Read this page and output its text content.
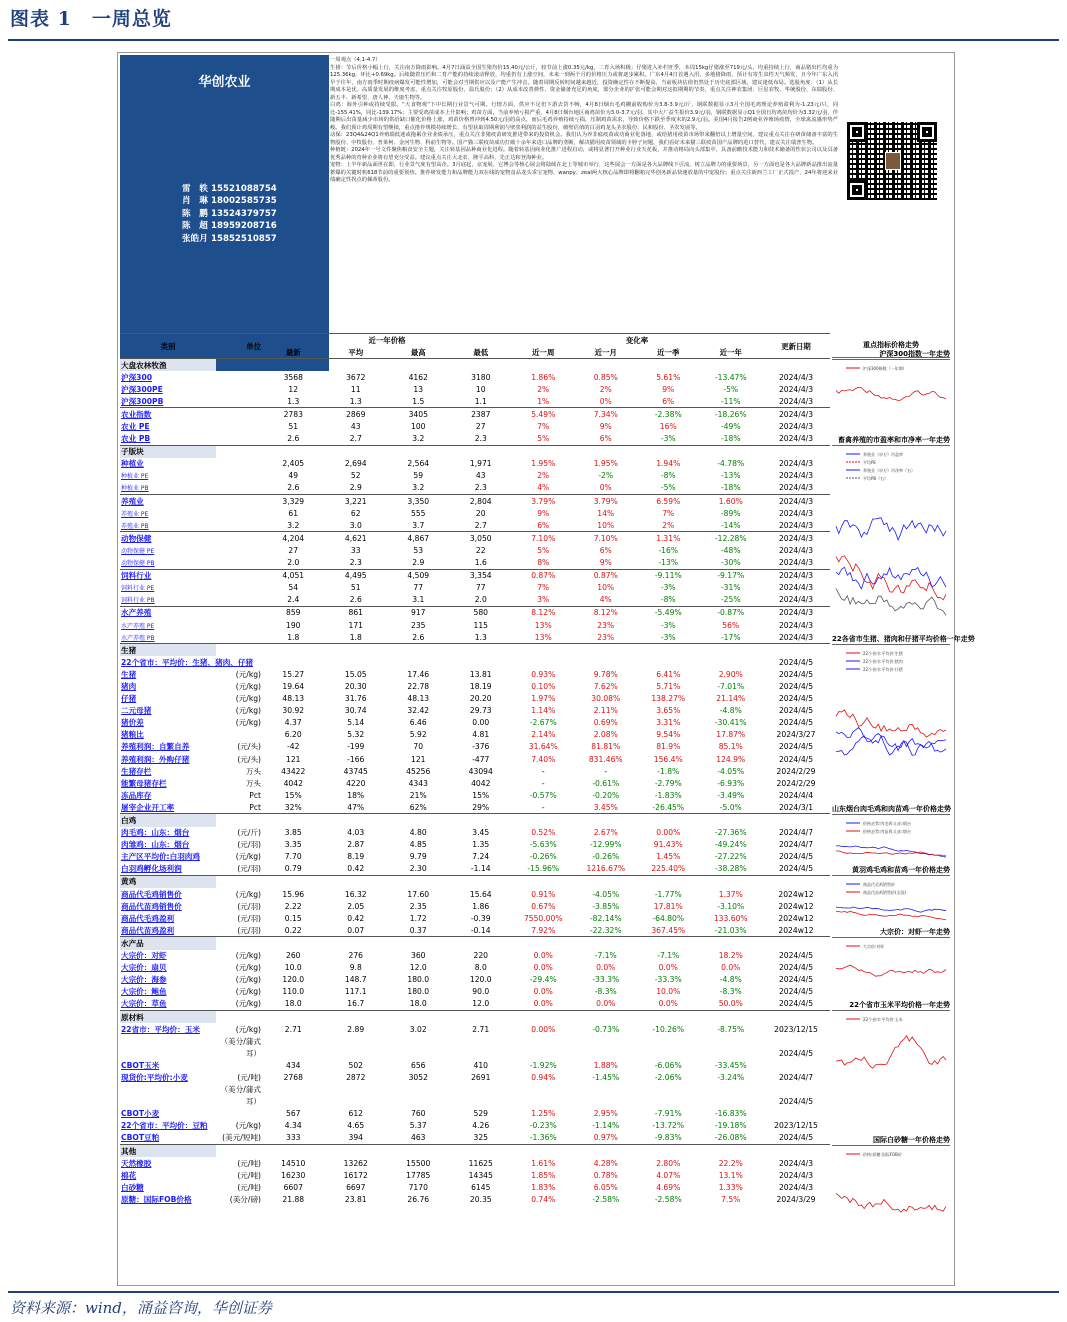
图表 1　一周总览
华创农业
雷　轶 15521088754
肖　琳 18002585735
陈　鹏 13524379757
陈　超 18959208716
张皓月 15852510857

一周观点（4.1-4.7）

生猪：节后价格小幅上行，关注南方降雨影响。4月7日涌益全国生猪均价15.40元/公斤，较节前上涨0.35元/kg，二育入场积极；仔猪进入补栏旺季，本周15kg仔猪涨至719元/头，均重持续上行，商品猪出栏均重为125.36kg，环比+0.69kg。后续随着压栏和二育产能的持续滚动释放，均重仍有上涨空间，未来一到两个月的价格压力或将逐步累积。广东4月4日首遇入汛，多地猪降雨，预计有寄生虫性天气频发，且今年广东入汛早于往年，南方雨季时期疫病爆发可能性增加，可能会对当期供应以及产能产生冲击。随着周期反转时间越来越近，投资确定性在不断提高，当前板块估值仍然处于历史底部区域，建议逢低布局。选股角度：（1）从长期成本是优、高质量发展的维度考虑，重点关注牧原股份、温氏股份；（2）从成本改善弹性、资金储备充足的角度，部分企业的扩张可能会期对这拟期期的节奏，重点关注神农集团、巨星农牧、华统股份、东瑞股份、新五丰、新希望、唐人神、天康生物等。

白鸡：海外引种或持续受限。“大食物观”下中长期行业景气可期。行情方面，供应不足但下游去货不畅，4月8日烟台毛鸡棚前收购价为3.8-3.9元/斤，钢联数据显示3月全国毛鸡理论养殖盈利为-1.23元/只，同比-155.41%，同比-139.17%；主要受鸡苗成本上升影响；鸡苗方面，当前养殖亏损严重，4月8日烟台地区商鸡苗价为3.0-3.7元/羽，其中大厂益生报价3.9元/羽，钢联数据显示Q1全国日均鸡苗均价为3.32元/羽，伴随期后出苗量减少市场的供给缺口催化价格上涨，鸡苗价格曾冲到4.50元/羽的高点，而后毛鸡养殖持续亏损，压制鸡苗需求，导致价格下跌至季度末的2.9元/羽。美国4月报告2例商业养殖场疫情，全球禽流感形势严峻。我们预计鸡周期有望继续，重点推荐规模持续增长、有望获取周期利润与壁垒利润的益生股份，破壁估值的白羽鸡龙头圣农股份、民和股份、圣农发展等。

动保：23Q4&24Q1养殖端低迷或拖累企业业绩承压，重点关注非猪疫苗研发推进带来的投资机会。我们认为养非瘟疫苗或功商业化落地，或给猪用疫苗市场带来翻倍以上增量空间，建议重点关注在研苗储备丰富的生物股份、中牧股份、普莱柯、金河生物、科前生物等。国产猫三联疫苗成功打破十余年来进口品牌的垄断，解决猫用疫苗领域的卡脖子问题，我们看好未来猫三联疫苗国产品牌的进口替代，建议关注瑞普生物。

种植链：2024年一号文件聚焦粮食安全主题，关注转基因品种商业化进程。随着转基因商业化推广进程启动，或将显著打开种业行业天花板，并推动格局向头部集中，具备前瞻技术能力和技术储备的性状公司以及具备优秀品种的育种企业将有望充分受益。建议重点关注大北农、隆平高科、先正达和登海种业。

宠物：上半年新品面世在即，行业景气度有望高企。3月底起，京宠展、它博会等核心展会将陆续在北上等城市举行，这些展会一方面是各大品牌线下引流、树立品牌力的重要场景，另一方面也是各大品牌新品推出流量蓄爆的关键时机618节前的重要预热。推荐研发能力和品牌能力双在线的宠物食品龙头乖宝宠物、wanpy、zeal两大核心品牌即将翻箱完华创务新品快速放量的中宠股份；重点关注新西兰工厂正式投产、24年将迎来业绩确定性拐点的佩蒂股份。

类别	单位	近一年价格				变化率				更新日期
		最新	平均	最高	最低	近一周	近一月	近一季	近一年	
大盘农林牧渔										
沪深300		3568	3672	4162	3180	1.86%	0.85%	5.61%	-13.47%	2024/4/3
沪深300PE		12	11	13	10	2%	2%	9%	-5%	2024/4/3
沪深300PB		1.3	1.3	1.5	1.1	1%	0%	6%	-11%	2024/4/3
农业指数		2783	2869	3405	2387	5.49%	7.34%	-2.38%	-18.26%	2024/4/3
农业 PE		51	43	100	27	7%	9%	16%	-49%	2024/4/3
农业 PB		2.6	2.7	3.2	2.3	5%	6%	-3%	-18%	2024/4/3
子版块										
种植业		2,405	2,694	2,564	1,971	1.95%	1.95%	1.94%	-4.78%	2024/4/3
种植业 PE		49	52	59	43	2%	-2%	-8%	-13%	2024/4/3
种植业 PB		2.6	2.9	3.2	2.3	4%	0%	-5%	-18%	2024/4/3
养殖业		3,329	3,221	3,350	2,804	3.79%	3.79%	6.59%	1.60%	2024/4/3
养殖业 PE		61	62	555	20	9%	14%	7%	-89%	2024/4/3
养殖业 PB		3.2	3.0	3.7	2.7	6%	10%	2%	-14%	2024/4/3
动物保健		4,204	4,621	4,867	3,050	7.10%	7.10%	1.31%	-12.28%	2024/4/3
动物保健 PE		27	33	53	22	5%	6%	-16%	-48%	2024/4/3
动物保健 PB		2.0	2.3	2.9	1.6	8%	9%	-13%	-30%	2024/4/3
饲料行业		4,051	4,495	4,509	3,354	0.87%	0.87%	-9.11%	-9.17%	2024/4/3
饲料行业 PE		54	51	77	77	7%	10%	-3%	-31%	2024/4/3
饲料行业 PB		2.4	2.6	3.1	2.0	3%	4%	-8%	-25%	2024/4/3
水产养殖		859	861	917	580	8.12%	8.12%	-5.49%	-0.87%	2024/4/3
水产养殖 PE		190	171	235	115	13%	23%	-3%	56%	2024/4/3
水产养殖 PB		1.8	1.8	2.6	1.3	13%	23%	-3%	-17%	2024/4/3
生猪										
22个省市：平均价：生猪、猪肉、仔猪										2024/4/5
生猪	(元/kg)	15.27	15.05	17.46	13.81	0.93%	9.78%	6.41%	2.90%	2024/4/5
猪肉	(元/kg)	19.64	20.30	22.78	18.19	0.10%	7.62%	5.71%	-7.01%	2024/4/5
仔猪	(元/kg)	48.13	31.76	48.13	20.20	1.97%	30.08%	138.27%	21.14%	2024/4/5
二元母猪	(元/kg)	30.92	30.74	32.42	29.73	1.14%	2.11%	3.65%	-4.8%	2024/4/5
猪价差	(元/kg)	4.37	5.14	6.46	0.00	-2.67%	0.69%	3.31%	-30.41%	2024/4/5
猪粮比		6.20	5.32	5.92	4.81	2.14%	2.08%	9.54%	17.87%	2024/3/27
养殖利润：自繁自养	(元/头)	-42	-199	70	-376	31.64%	81.81%	81.9%	85.1%	2024/4/5
养殖利润：外购仔猪	(元/头)	121	-166	121	-477	7.40%	831.46%	156.4%	124.9%	2024/4/5
生猪存栏	万头	43422	43745	45256	43094	-	-	-1.8%	-4.05%	2024/2/29
能繁母猪存栏	万头	4042	4220	4343	4042	-	-0.61%	-2.79%	-6.93%	2024/2/29
冻品库存	Pct	15%	18%	21%	15%	-0.57%	-0.20%	-1.83%	-3.49%	2024/4/4
屠宰企业开工率	Pct	32%	47%	62%	29%	-	3.45%	-26.45%	-5.0%	2024/3/1
白鸡										
肉毛鸡：山东：烟台	(元/斤)	3.85	4.03	4.80	3.45	0.52%	2.67%	0.00%	-27.36%	2024/4/7
肉雏鸡：山东：烟台	(元/羽)	3.35	2.87	4.85	1.35	-5.63%	-12.99%	91.43%	-49.24%	2024/4/7
主产区平均价:白羽肉鸡	(元/kg)	7.70	8.19	9.79	7.24	-0.26%	-0.26%	1.45%	-27.22%	2024/4/5
白羽鸡孵化场利润	(元/羽)	0.79	0.42	2.30	-1.14	-15.96%	1216.67%	225.40%	-38.28%	2024/4/5
黄鸡										
商品代毛鸡销售价	(元/kg)	15.96	16.32	17.60	15.64	0.91%	-4.05%	-1.77%	1.37%	2024w12
商品代苗鸡销售价	(元/羽)	2.22	2.05	2.35	1.86	0.67%	-3.85%	17.81%	-3.10%	2024w12
商品代毛鸡盈利	(元/羽)	0.15	0.42	1.72	-0.39	7550.00%	-82.14%	-64.80%	133.60%	2024w12
商品代苗鸡盈利	(元/羽)	0.22	0.07	0.37	-0.14	7.92%	-22.32%	367.45%	-21.03%	2024w12
水产品										
大宗价：对虾	(元/kg)	260	276	360	220	0.0%	-7.1%	-7.1%	18.2%	2024/4/5
大宗价：扇贝	(元/kg)	10.0	9.8	12.0	8.0	0.0%	0.0%	0.0%	0.0%	2024/4/5
大宗价：海参	(元/kg)	120.0	148.7	180.0	120.0	-29.4%	-33.3%	-33.3%	-4.8%	2024/4/5
大宗价：鲍鱼	(元/kg)	110.0	117.1	180.0	90.0	0.0%	-8.3%	10.0%	-8.3%	2024/4/5
大宗价：草鱼	(元/kg)	18.0	16.7	18.0	12.0	0.0%	0.0%	0.0%	50.0%	2024/4/5
原材料										
22省市：平均价：玉米	(元/kg)	2.71	2.89	3.02	2.71	0.00%	-0.73%	-10.26%	-8.75%	2023/12/15
	（美分/蒲式									
	耳）									2024/4/5
CBOT玉米		434	502	656	410	-1.92%	1.88%	-6.06%	-33.45%	
现货价:平均价:小麦	(元/吨)	2768	2872	3052	2691	0.94%	-1.45%	-2.06%	-3.24%	2024/4/7
	（美分/蒲式									
	耳）									2024/4/5
CBOT小麦		567	612	760	529	1.25%	2.95%	-7.91%	-16.83%	
22个省市：平均价：豆粕	(元/kg)	4.34	4.65	5.37	4.26	-0.23%	-1.14%	-13.72%	-19.18%	2023/12/15
CBOT豆粕	(美元/短吨)	333	394	463	325	-1.36%	0.97%	-9.83%	-26.08%	2024/4/5
其他										
天然橡胶	(元/吨)	14510	13262	15500	11625	1.61%	4.28%	2.80%	22.2%	2024/4/3
棉花	(元/吨)	16230	16172	17785	14345	1.85%	0.78%	4.07%	13.1%	2024/4/3
白砂糖	(元/吨)	6607	6697	7170	6145	1.83%	6.05%	4.69%	1.33%	2024/4/3
原糖：国际FOB价格	(美分/磅)	21.88	23.81	26.76	20.35	0.74%	-2.58%	-2.58%	7.5%	2024/3/29
重点指标价格走势
沪深300指数一年走势
沪深300指数（一年期）
畜禽养殖的市盈率和市净率一年走势
养殖业（申万）市盈率
平均PE
养殖业（申万）市净率（右）
平均PB（右）
22各省市生猪、猪肉和仔猪平均价格一年走势
22个省市:平均价:生猪
22个省市:平均价:猪肉
22个省市:平均价:仔猪
山东烟台肉毛鸡和肉苗鸡一年价格走势
价格走势:肉毛鸡:山东:烟台
价格走势:肉苗鸡:山东:烟台
黄羽鸡毛鸡和苗鸡一年价格走势
商品代毛鸡销售价
商品代苗鸡销售价(全国)
大宗价：对虾一年走势
大宗价:对虾
22个省市玉米平均价格一年走势
22个省市:平均价:玉米
国际白砂糖一年价格走势
价格:原糖:国际FOB价
资料来源：wind，涌益咨询，华创证券
